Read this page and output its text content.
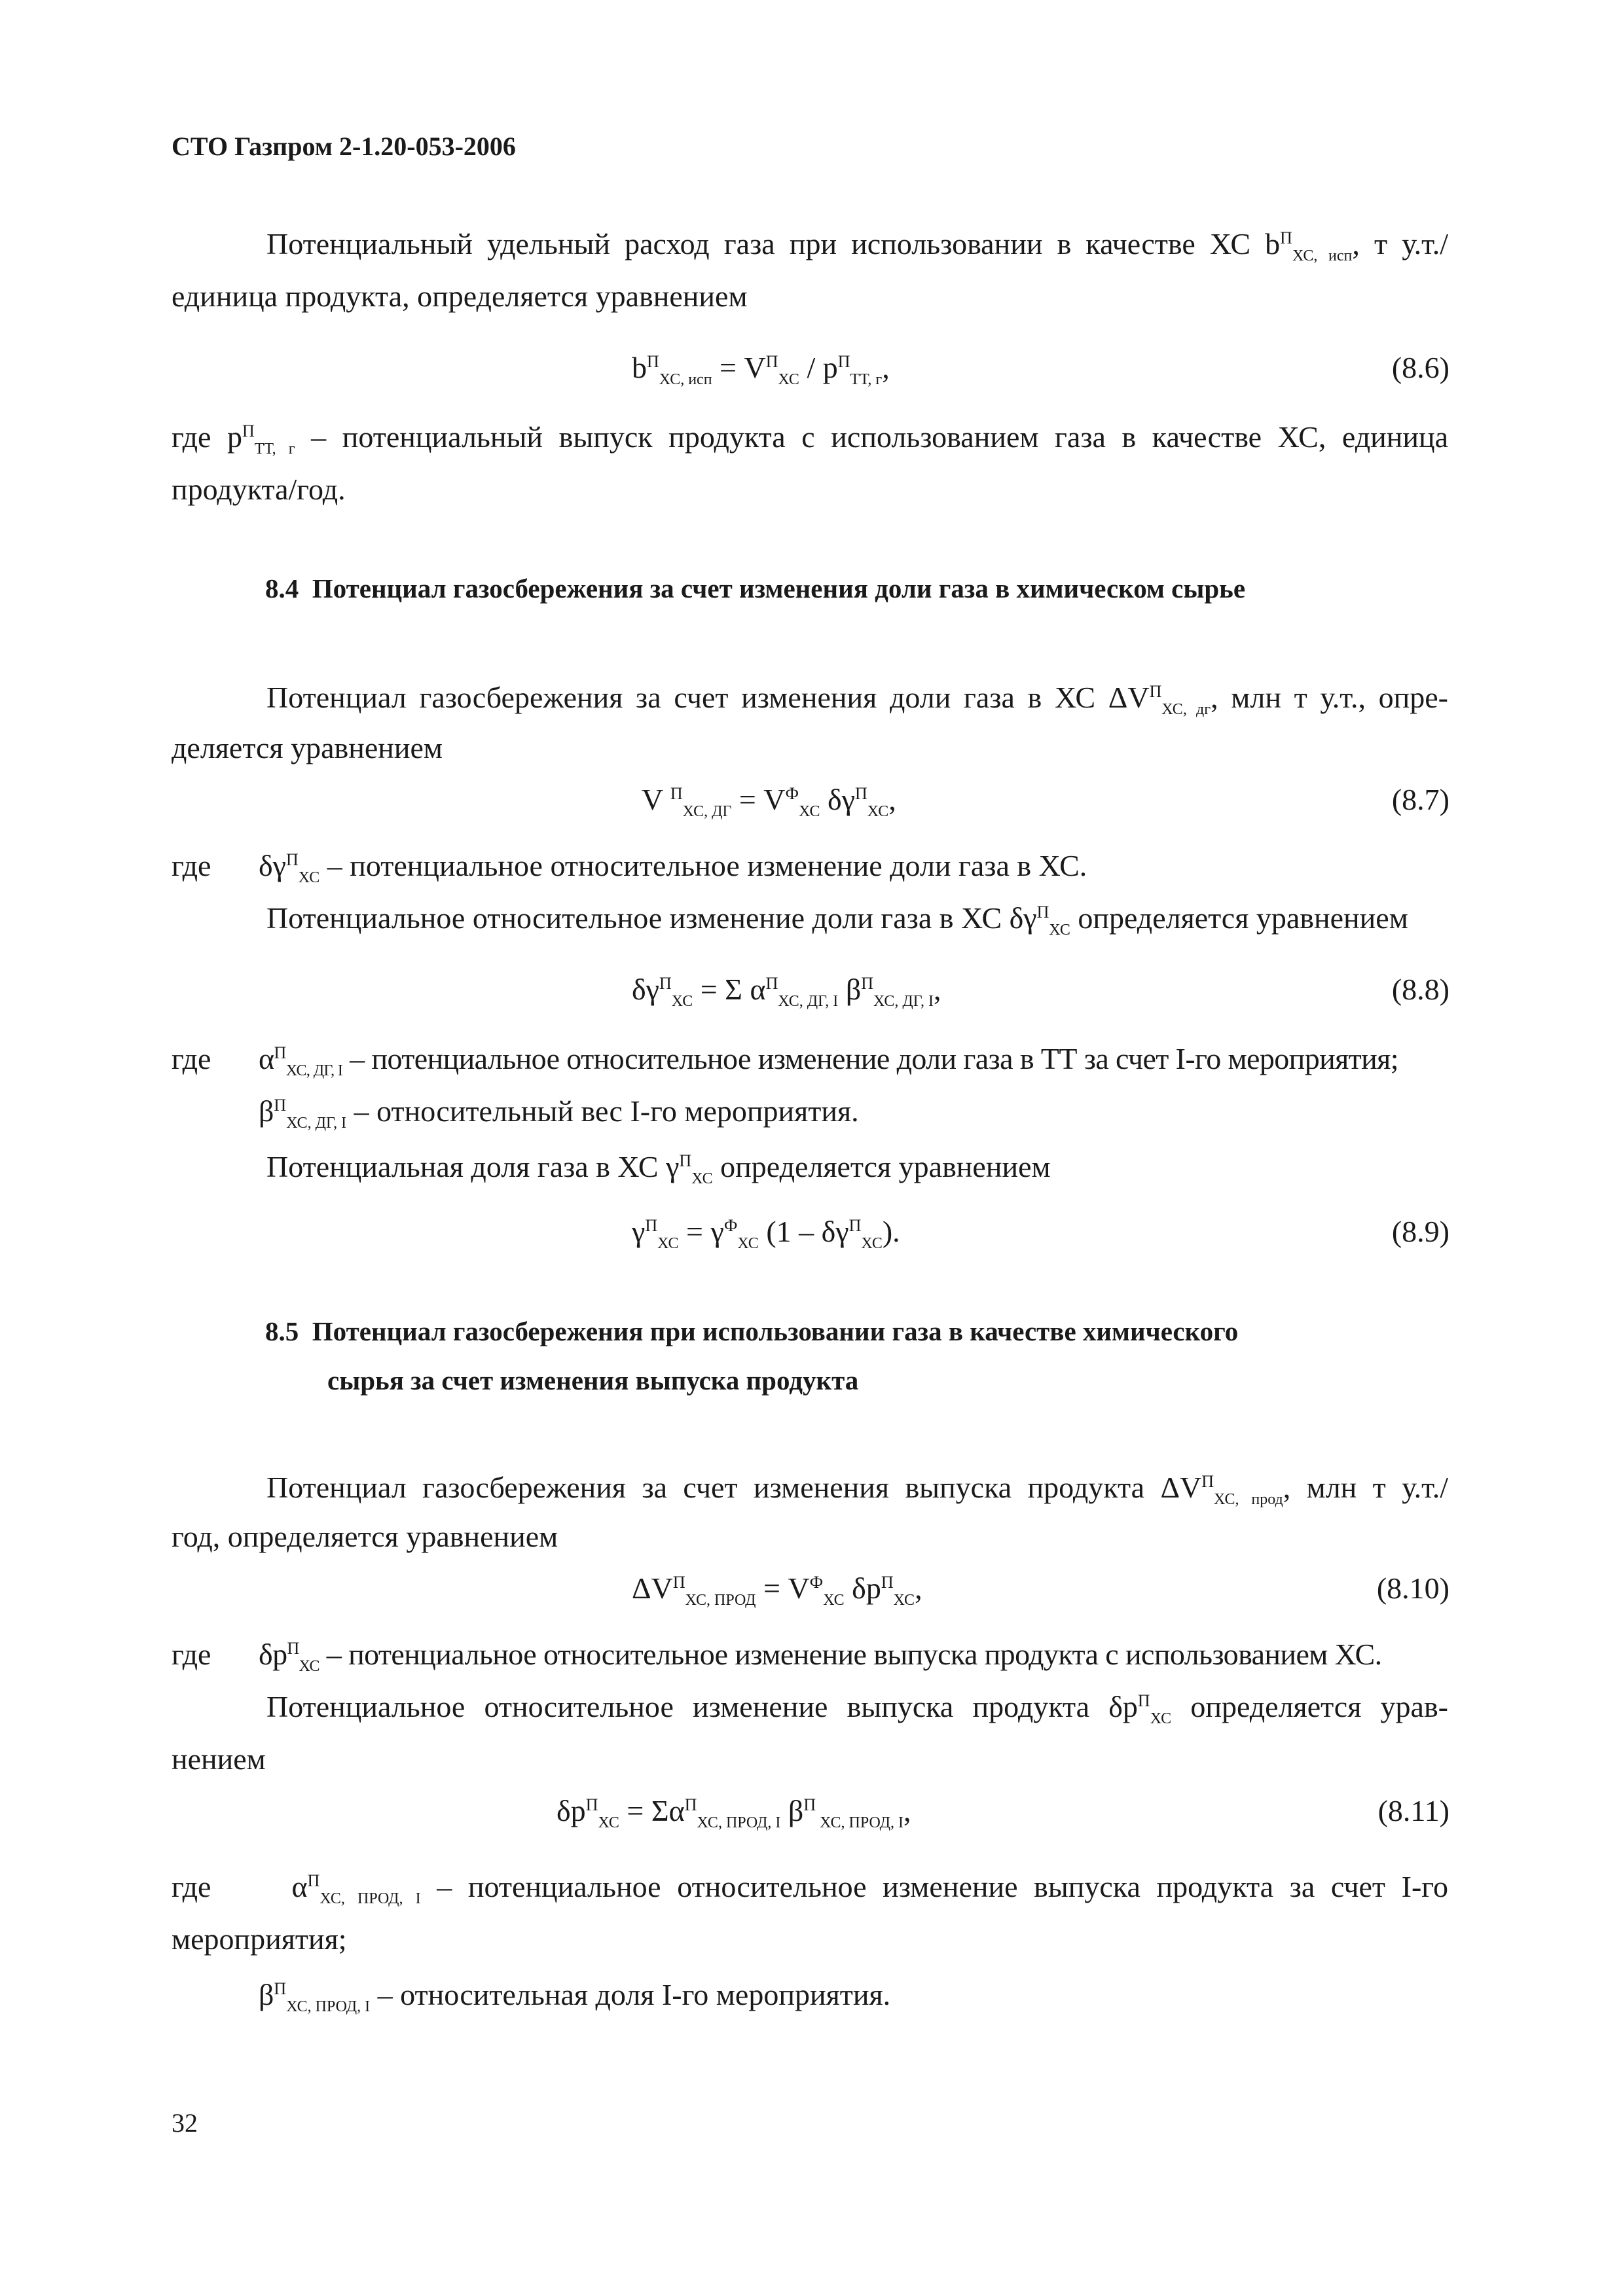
СТО Газпром 2-1.20-053-2006
Потенциальный удельный расход газа при использовании в качестве ХС $b^П_{ХС, исп}$, т у.т./
единица продукта, определяется уравнением
$b^П_{ХС, исп} = V^П_{ХС} / p^П_{ТТ, г}$,	(8.6)
где $p^П_{ТТ, г}$ – потенциальный выпуск продукта с использованием газа в качестве ХС, единица
продукта/год.
8.4 Потенциал газосбережения за счет изменения доли газа в химическом сырье
Потенциал газосбережения за счет изменения доли газа в ХС $\Delta V^П_{ХС, дг}$, млн т у.т., опре-
деляется уравнением
V $^П_{ХС, ДГ} = V^Ф_{ХС}$ $\delta\gamma^П_{ХС}$,	(8.7)
где $\delta\gamma^П_{ХС}$ – потенциальное относительное изменение доли газа в ХС.
Потенциальное относительное изменение доли газа в ХС $\delta\gamma^П_{ХС}$ определяется уравнением
$\delta\gamma^П_{ХС} = \Sigma$ $\alpha^П_{ХС, ДГ, I}$ $\beta^П_{ХС, ДГ, I}$,	(8.8)
где $\alpha^П_{ХС, ДГ, I}$ – потенциальное относительное изменение доли газа в ТТ за счет I-го мероприятия;
$\beta^П_{ХС, ДГ, I}$ – относительный вес I-го мероприятия.
Потенциальная доля газа в ХС $\gamma^П_{ХС}$ определяется уравнением
$\gamma^П_{ХС} = \gamma^Ф_{ХС}$ $(1 - \delta\gamma^П_{ХС})$.	(8.9)
8.5 Потенциал газосбережения при использовании газа в качестве химического
сырья за счет изменения выпуска продукта
Потенциал газосбережения за счет изменения выпуска продукта $\Delta V^П_{ХС, прод}$, млн т у.т./
год, определяется уравнением
$\Delta V^П_{ХС, ПРОД} = V^Ф_{ХС}$ $\delta p^П_{ХС}$,	(8.10)
где $\delta p^П_{ХС}$ – потенциальное относительное изменение выпуска продукта с использованием ХС.
Потенциальное относительное изменение выпуска продукта $\delta p^П_{ХС}$ определяется урав-
нением
$\delta p^П_{ХС} = \Sigma\alpha^П_{ХС, ПРОД, I}$ $\beta^П$ $_{ХС, ПРОД, I}$,	(8.11)
где	$\alpha^П_{ХС, ПРОД, I}$ – потенциальное относительное изменение выпуска продукта за счет I-го
мероприятия;
$\beta^П_{ХС, ПРОД, I}$ – относительная доля I-го мероприятия.
32
